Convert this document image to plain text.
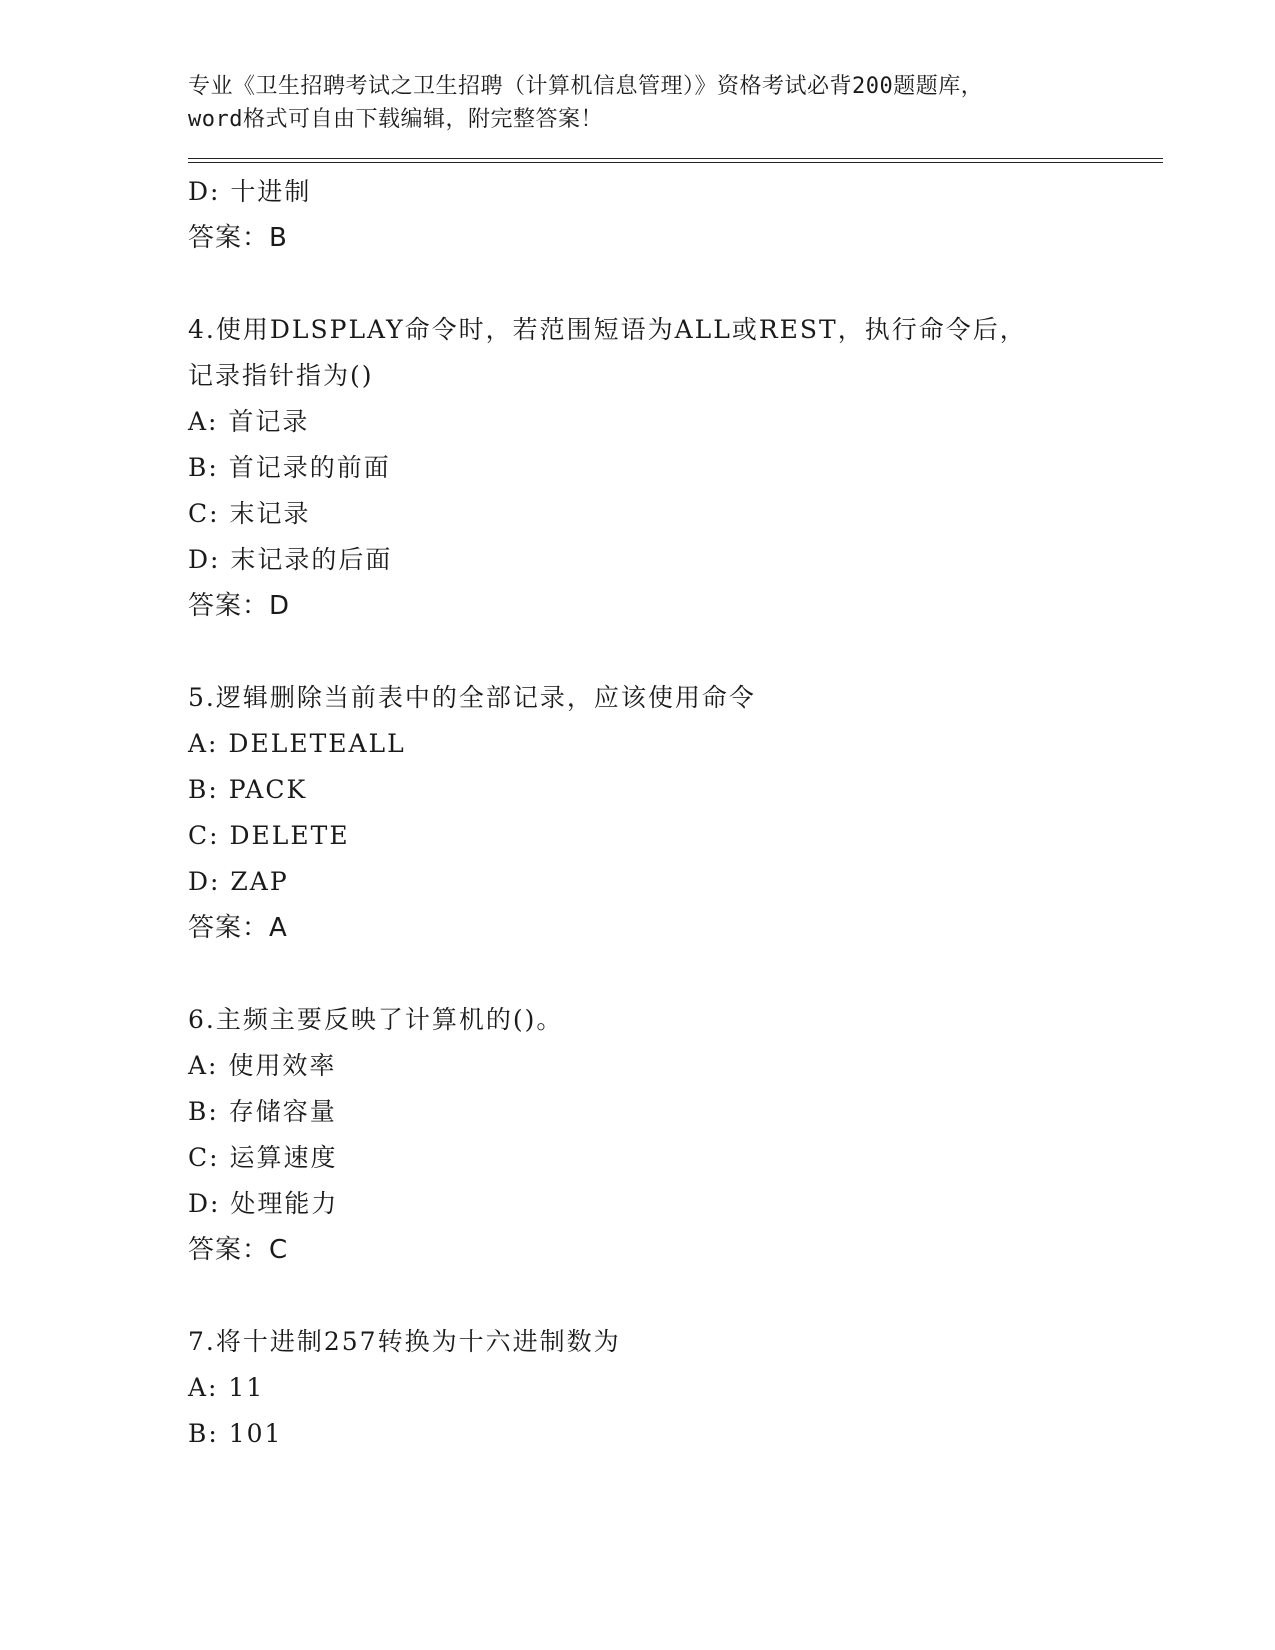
专业《卫生招聘考试之卫生招聘（计算机信息管理）》资格考试必背200题题库，

word格式可自由下载编辑，附完整答案！

D: 十进制
答案：B
4.使用DLSPLAY命令时，若范围短语为ALL或REST，执行命令后，记录指针指为()
A: 首记录
B: 首记录的前面
C: 末记录
D: 末记录的后面
答案：D
5.逻辑删除当前表中的全部记录，应该使用命令
A: DELETEALL
B: PACK
C: DELETE
D: ZAP
答案：A
6.主频主要反映了计算机的()。
A: 使用效率
B: 存储容量
C: 运算速度
D: 处理能力
答案：C
7.将十进制257转换为十六进制数为
A: 11
B: 101
